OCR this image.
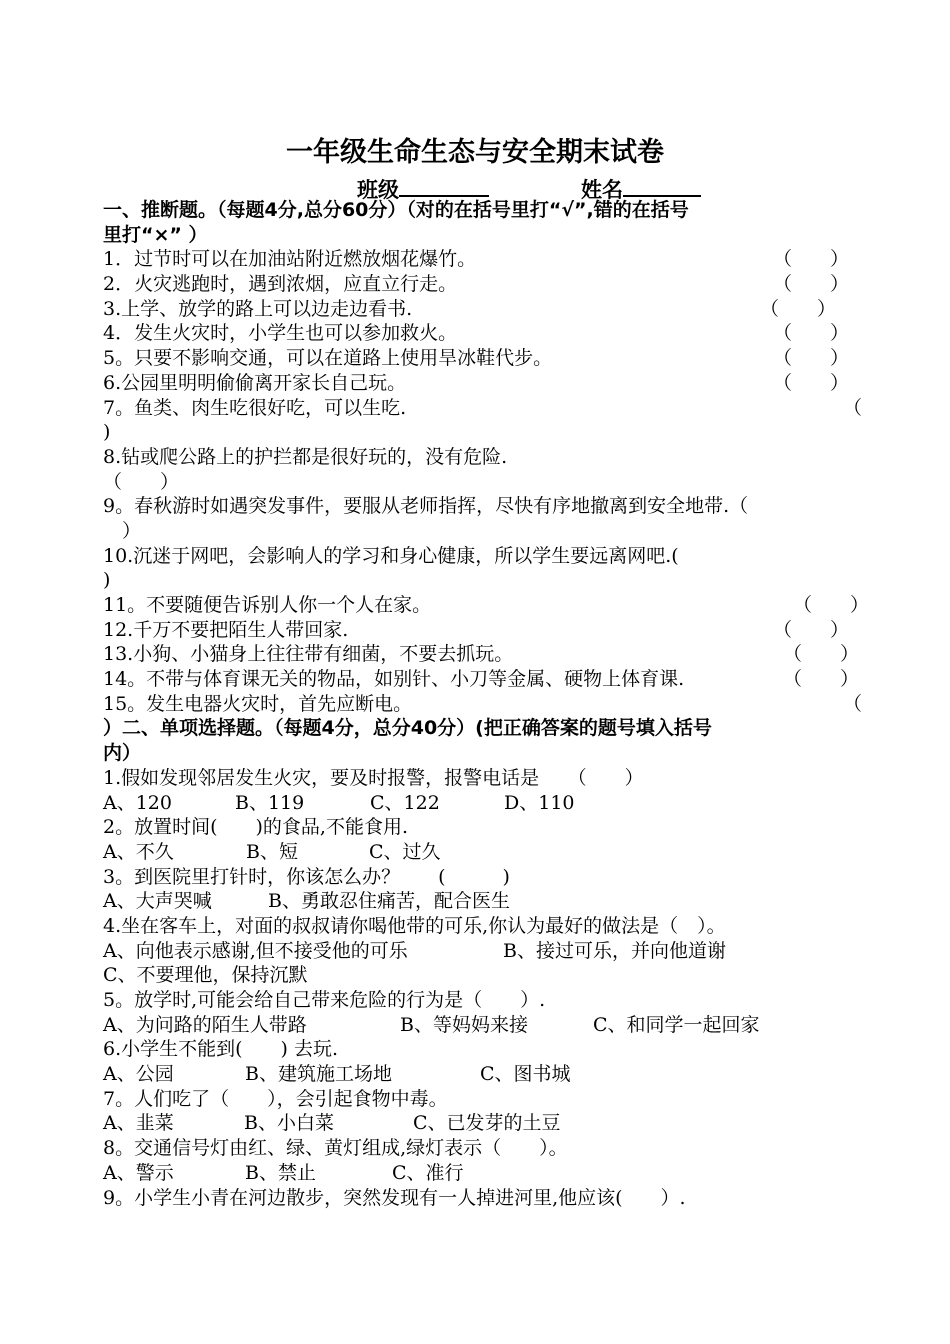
一年级生命生态与安全期末试卷
班级	姓名
一、推断题。（每题4分,总分60分）（对的在括号里打“√”,错的在括号
里打“×” ）
1．过节时可以在加油站附近燃放烟花爆竹。	（　　）
2．火灾逃跑时，遇到浓烟，应直立行走。	（　　）
3.上学、放学的路上可以边走边看书.	（　　）
4．发生火灾时，小学生也可以参加救火。	（　　）
5。只要不影响交通，可以在道路上使用旱冰鞋代步。	（　　）
6.公园里明明偷偷离开家长自己玩。	（　　）
7。鱼类、肉生吃很好吃，可以生吃.	（
)
8.钻或爬公路上的护拦都是很好玩的，没有危险.
（　　）
9。春秋游时如遇突发事件，要服从老师指挥，尽快有序地撤离到安全地带.（
　）
10.沉迷于网吧，会影响人的学习和身心健康，所以学生要远离网吧.(
)
11。不要随便告诉别人你一个人在家。	（　　）
12.千万不要把陌生人带回家.	（　　）
13.小狗、小猫身上往往带有细菌，不要去抓玩。	（　　）
14。不带与体育课无关的物品，如别针、小刀等金属、硬物上体育课.	（　　）
15。发生电器火灾时，首先应断电。	（
）二、单项选择题。（每题4分，总分40分）(把正确答案的题号填入括号
内）
1.假如发现邻居发生火灾，要及时报警，报警电话是　　（　　）
A、120	B、119	C、122	D、110
2。放置时间(　　)的食品,不能食用.
A、不久	B、短	C、过久
3。到医院里打针时，你该怎么办？　　(　　　)
A、大声哭喊	B、勇敢忍住痛苦，配合医生
4.坐在客车上，对面的叔叔请你喝他带的可乐,你认为最好的做法是（　）。
A、向他表示感谢,但不接受他的可乐	B、接过可乐，并向他道谢
C、不要理他，保持沉默
5。放学时,可能会给自己带来危险的行为是（　　）.
A、为问路的陌生人带路	B、等妈妈来接	C、和同学一起回家
6.小学生不能到(　　) 去玩.
A、公园	B、建筑施工场地	C、图书城
7。人们吃了（　　），会引起食物中毒。
A、韭菜	B、小白菜	C、已发芽的土豆
8。交通信号灯由红、绿、黄灯组成,绿灯表示（　　）。
A、警示	B、禁止	C、准行
9。小学生小青在河边散步，突然发现有一人掉进河里,他应该(　　）.
